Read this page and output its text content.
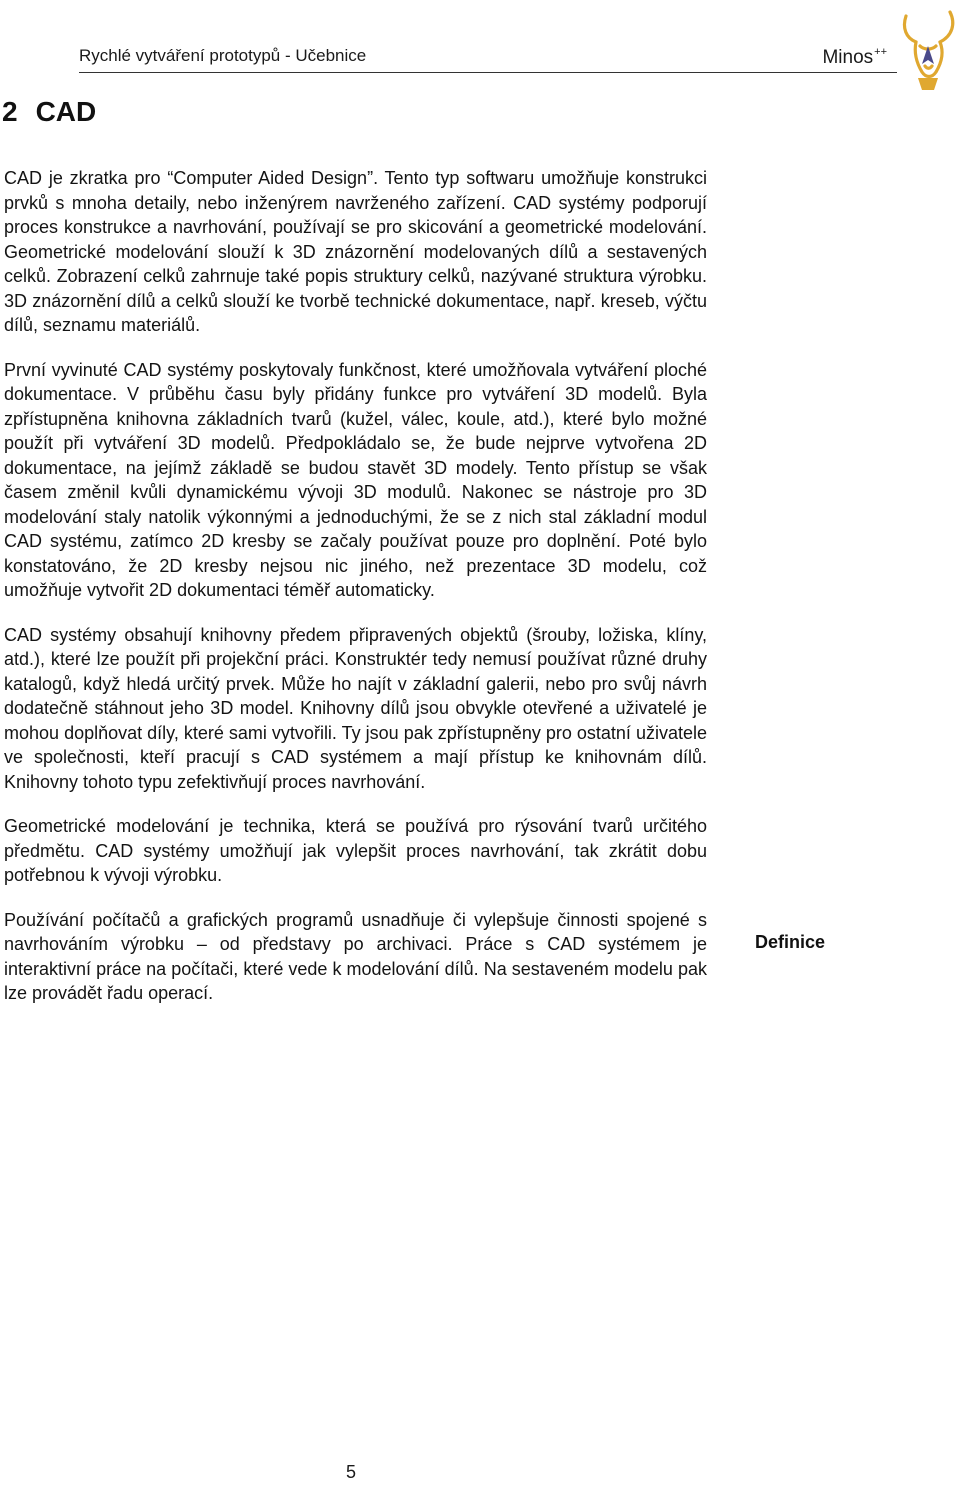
Rychlé vytváření prototypů - Učebnice	Minos++
2 CAD

CAD je zkratka pro “Computer Aided Design”. Tento typ softwaru umožňuje konstrukci prvků s mnoha detaily, nebo inženýrem navrženého zařízení. CAD systémy podporují proces konstrukce a navrhování, používají se pro skicování a geometrické modelování. Geometrické modelování slouží k 3D znázornění modelovaných dílů a sestavených celků. Zobrazení celků zahrnuje také popis struktury celků, nazývané struktura výrobku. 3D znázornění dílů a celků slouží ke tvorbě technické dokumentace, např. kreseb, výčtu dílů, seznamu materiálů.

První vyvinuté CAD systémy poskytovaly funkčnost, které umožňovala vytváření ploché dokumentace. V průběhu času byly přidány funkce pro vytváření 3D modelů. Byla zpřístupněna knihovna základních tvarů (kužel, válec, koule, atd.), které bylo možné použít při vytváření 3D modelů. Předpokládalo se, že bude nejprve vytvořena 2D dokumentace, na jejímž základě se budou stavět 3D modely. Tento přístup se však časem změnil kvůli dynamickému vývoji 3D modulů. Nakonec se nástroje pro 3D modelování staly natolik výkonnými a jednoduchými, že se z nich stal základní modul CAD systému, zatímco 2D kresby se začaly používat pouze pro doplnění. Poté bylo konstatováno, že 2D kresby nejsou nic jiného, než prezentace 3D modelu, což umožňuje vytvořit 2D dokumentaci téměř automaticky.

CAD systémy obsahují knihovny předem připravených objektů (šrouby, ložiska, klíny, atd.), které lze použít při projekční práci. Konstruktér tedy nemusí používat různé druhy katalogů, když hledá určitý prvek. Může ho najít v základní galerii, nebo pro svůj návrh dodatečně stáhnout jeho 3D model. Knihovny dílů jsou obvykle otevřené a uživatelé je mohou doplňovat díly, které sami vytvořili. Ty jsou pak zpřístupněny pro ostatní uživatele ve společnosti, kteří pracují s CAD systémem a mají přístup ke knihovnám dílů. Knihovny tohoto typu zefektivňují proces navrhování.

Geometrické modelování je technika, která se používá pro rýsování tvarů určitého předmětu. CAD systémy umožňují jak vylepšit proces navrhování, tak zkrátit dobu potřebnou k vývoji výrobku.

Používání počítačů a grafických programů usnadňuje či vylepšuje činnosti spojené s navrhováním výrobku – od představy po archivaci. Práce s CAD systémem je interaktivní práce na počítači, které vede k modelování dílů. Na sestaveném modelu pak lze provádět řadu operací.

Definice
5
